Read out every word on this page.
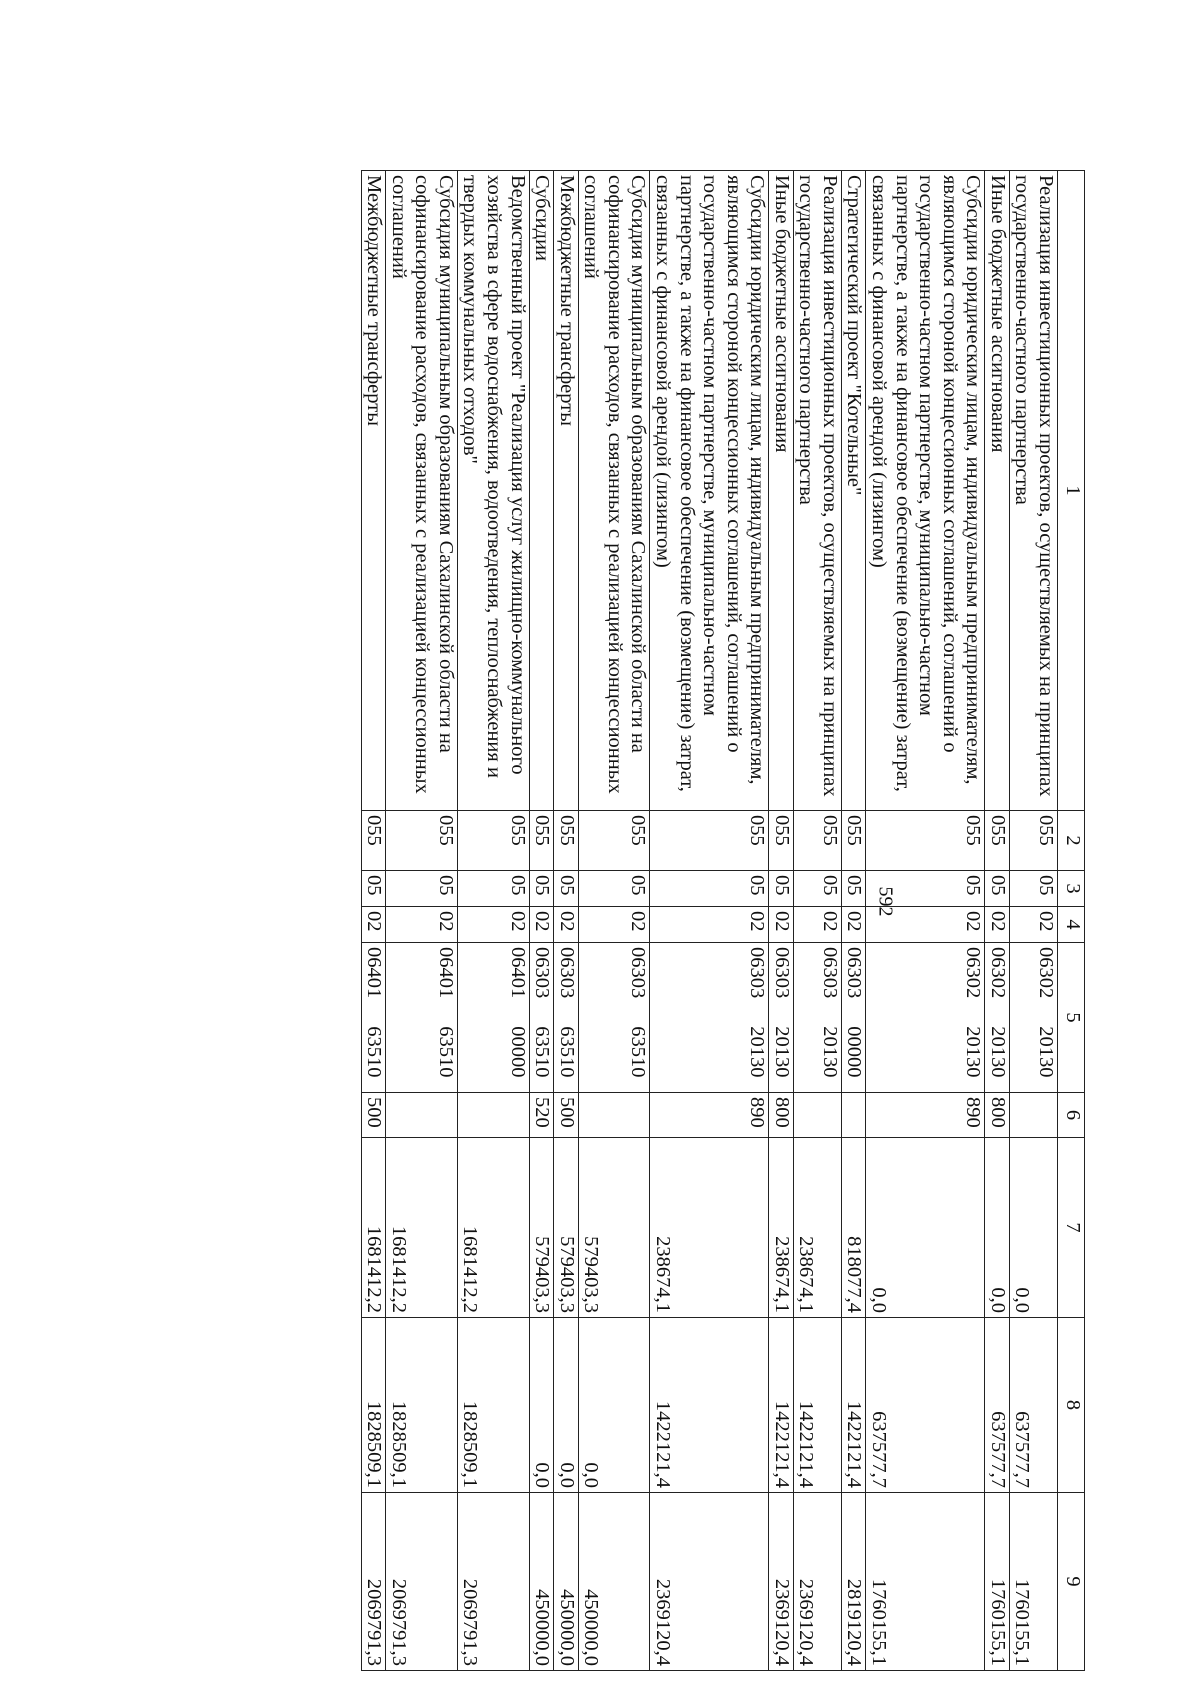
592
1	2	3	4	5	6	7	8	9
Реализация инвестиционных проектов, осуществляемых на принципах государственно-частного партнерства	055	05	02	0630220130		0,0	637577,7	1760155,1
Иные бюджетные ассигнования	055	05	02	0630220130	800	0,0	637577,7	1760155,1
Субсидии юридическим лицам, индивидуальным предпринимателям, являющимся стороной концессионных соглашений, соглашений о государственно-частном партнерстве, муниципально-частном партнерстве, а также на финансовое обеспечение (возмещение) затрат, связанных с финансовой арендой (лизингом)	055	05	02	0630220130	890	0,0	637577,7	1760155,1
Стратегический проект "Котельные"	055	05	02	0630300000		818077,4	1422121,4	2819120,4
Реализация инвестиционных проектов, осуществляемых на принципах государственно-частного партнерства	055	05	02	0630320130		238674,1	1422121,4	2369120,4
Иные бюджетные ассигнования	055	05	02	0630320130	800	238674,1	1422121,4	2369120,4
Субсидии юридическим лицам, индивидуальным предпринимателям, являющимся стороной концессионных соглашений, соглашений о государственно-частном партнерстве, муниципально-частном партнерстве, а также на финансовое обеспечение (возмещение) затрат, связанных с финансовой арендой (лизингом)	055	05	02	0630320130	890	238674,1	1422121,4	2369120,4
Субсидия муниципальным образованиям Сахалинской области на софинансирование расходов, связанных с реализацией концессионных соглашений	055	05	02	0630363510		579403,3	0,0	450000,0
Межбюджетные трансферты	055	05	02	0630363510	500	579403,3	0,0	450000,0
Субсидии	055	05	02	0630363510	520	579403,3	0,0	450000,0
Ведомственный проект "Реализация услуг жилищно-коммунального хозяйства в сфере водоснабжения, водоотведения, теплоснабжения и твердых коммунальных отходов"	055	05	02	0640100000		1681412,2	1828509,1	2069791,3
Субсидия муниципальным образованиям Сахалинской области на софинансирование расходов, связанных с реализацией концессионных соглашений	055	05	02	0640163510		1681412,2	1828509,1	2069791,3
Межбюджетные трансферты	055	05	02	0640163510	500	1681412,2	1828509,1	2069791,3
